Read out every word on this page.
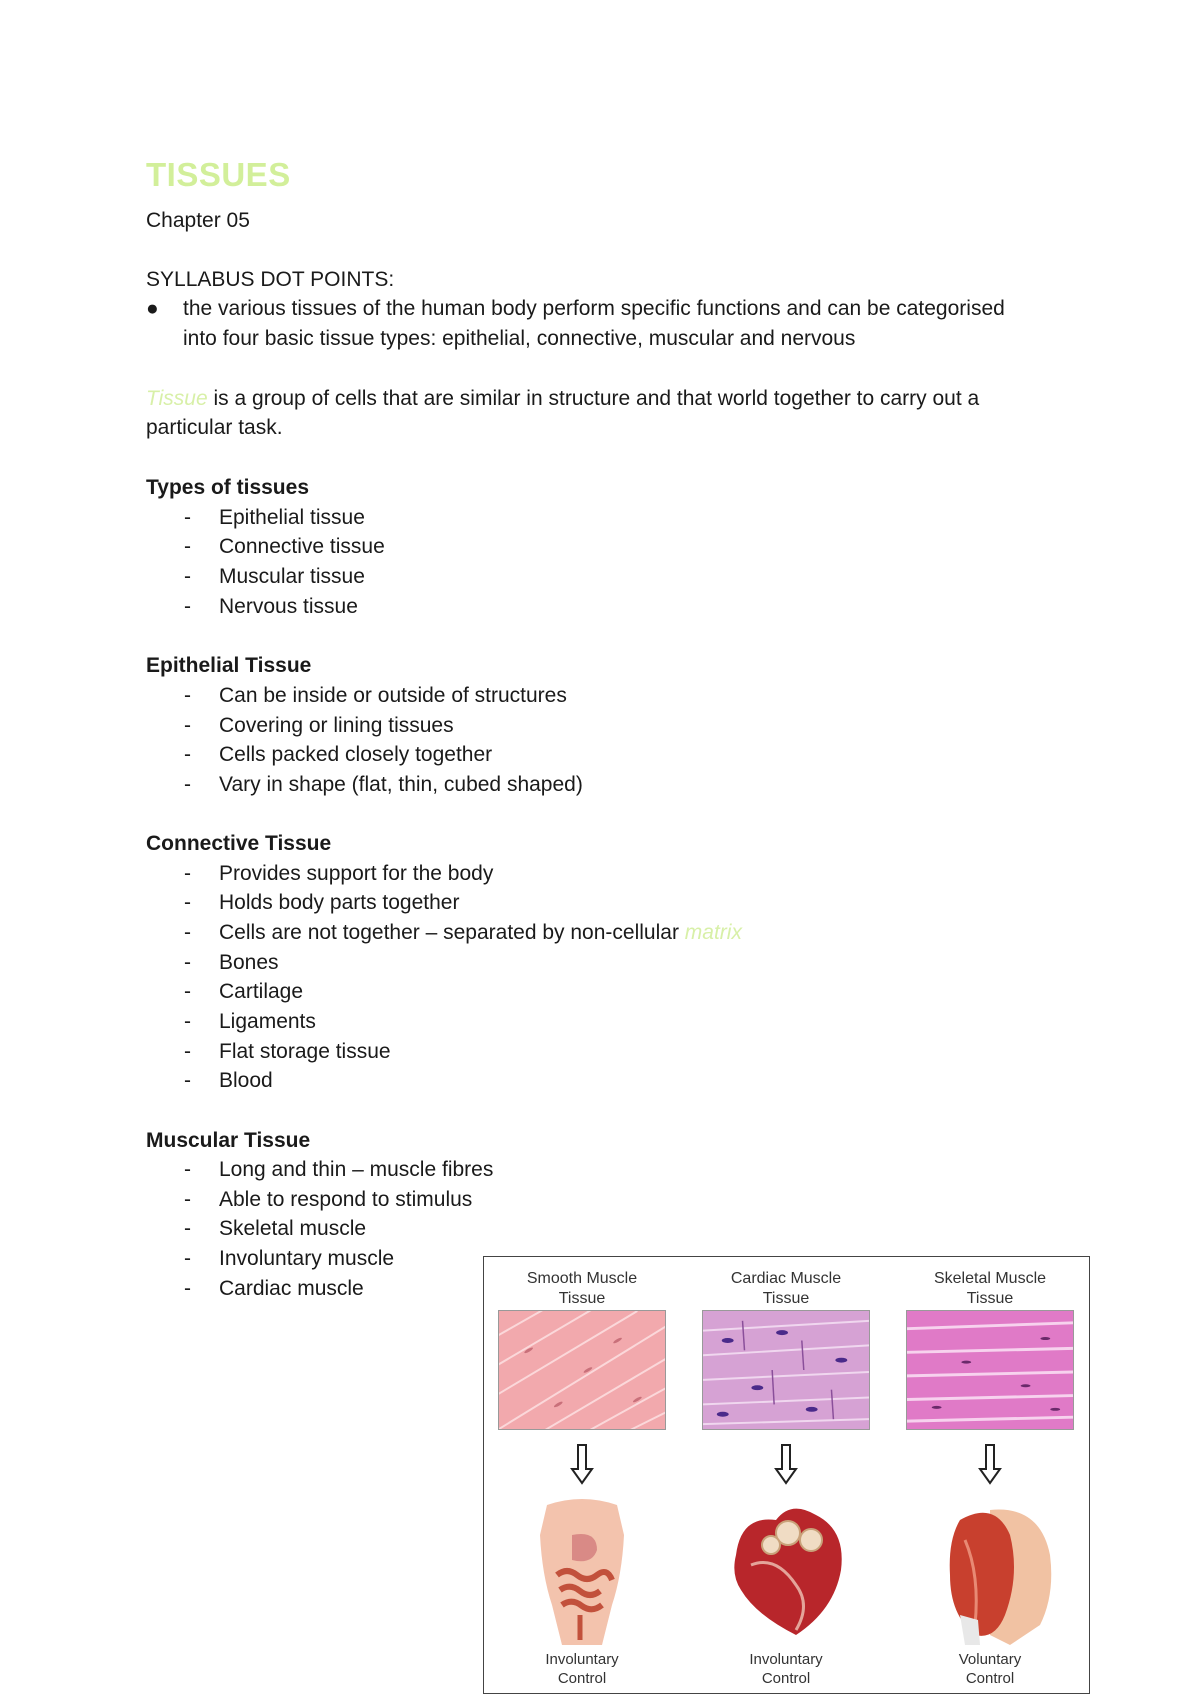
TISSUES
Chapter 05
SYLLABUS DOT POINTS:
● the various tissues of the human body perform specific functions and can be categorised
into four basic tissue types: epithelial, connective, muscular and nervous
Tissue is a group of cells that are similar in structure and that world together to carry out a
particular task.
Types of tissues
- Epithelial tissue
- Connective tissue
- Muscular tissue
- Nervous tissue
Epithelial Tissue
- Can be inside or outside of structures
- Covering or lining tissues
- Cells packed closely together
- Vary in shape (flat, thin, cubed shaped)
Connective Tissue
- Provides support for the body
- Holds body parts together
- Cells are not together – separated by non-cellular matrix
- Bones
- Cartilage
- Ligaments
- Flat storage tissue
- Blood
Muscular Tissue
- Long and thin – muscle fibres
- Able to respond to stimulus
- Skeletal muscle
- Involuntary muscle
- Cardiac muscle	Smooth Muscle
Tissue
Involuntary
Control
Cardiac Muscle
Tissue
Involuntary
Control
Skeletal Muscle
Tissue
Voluntary
Control
